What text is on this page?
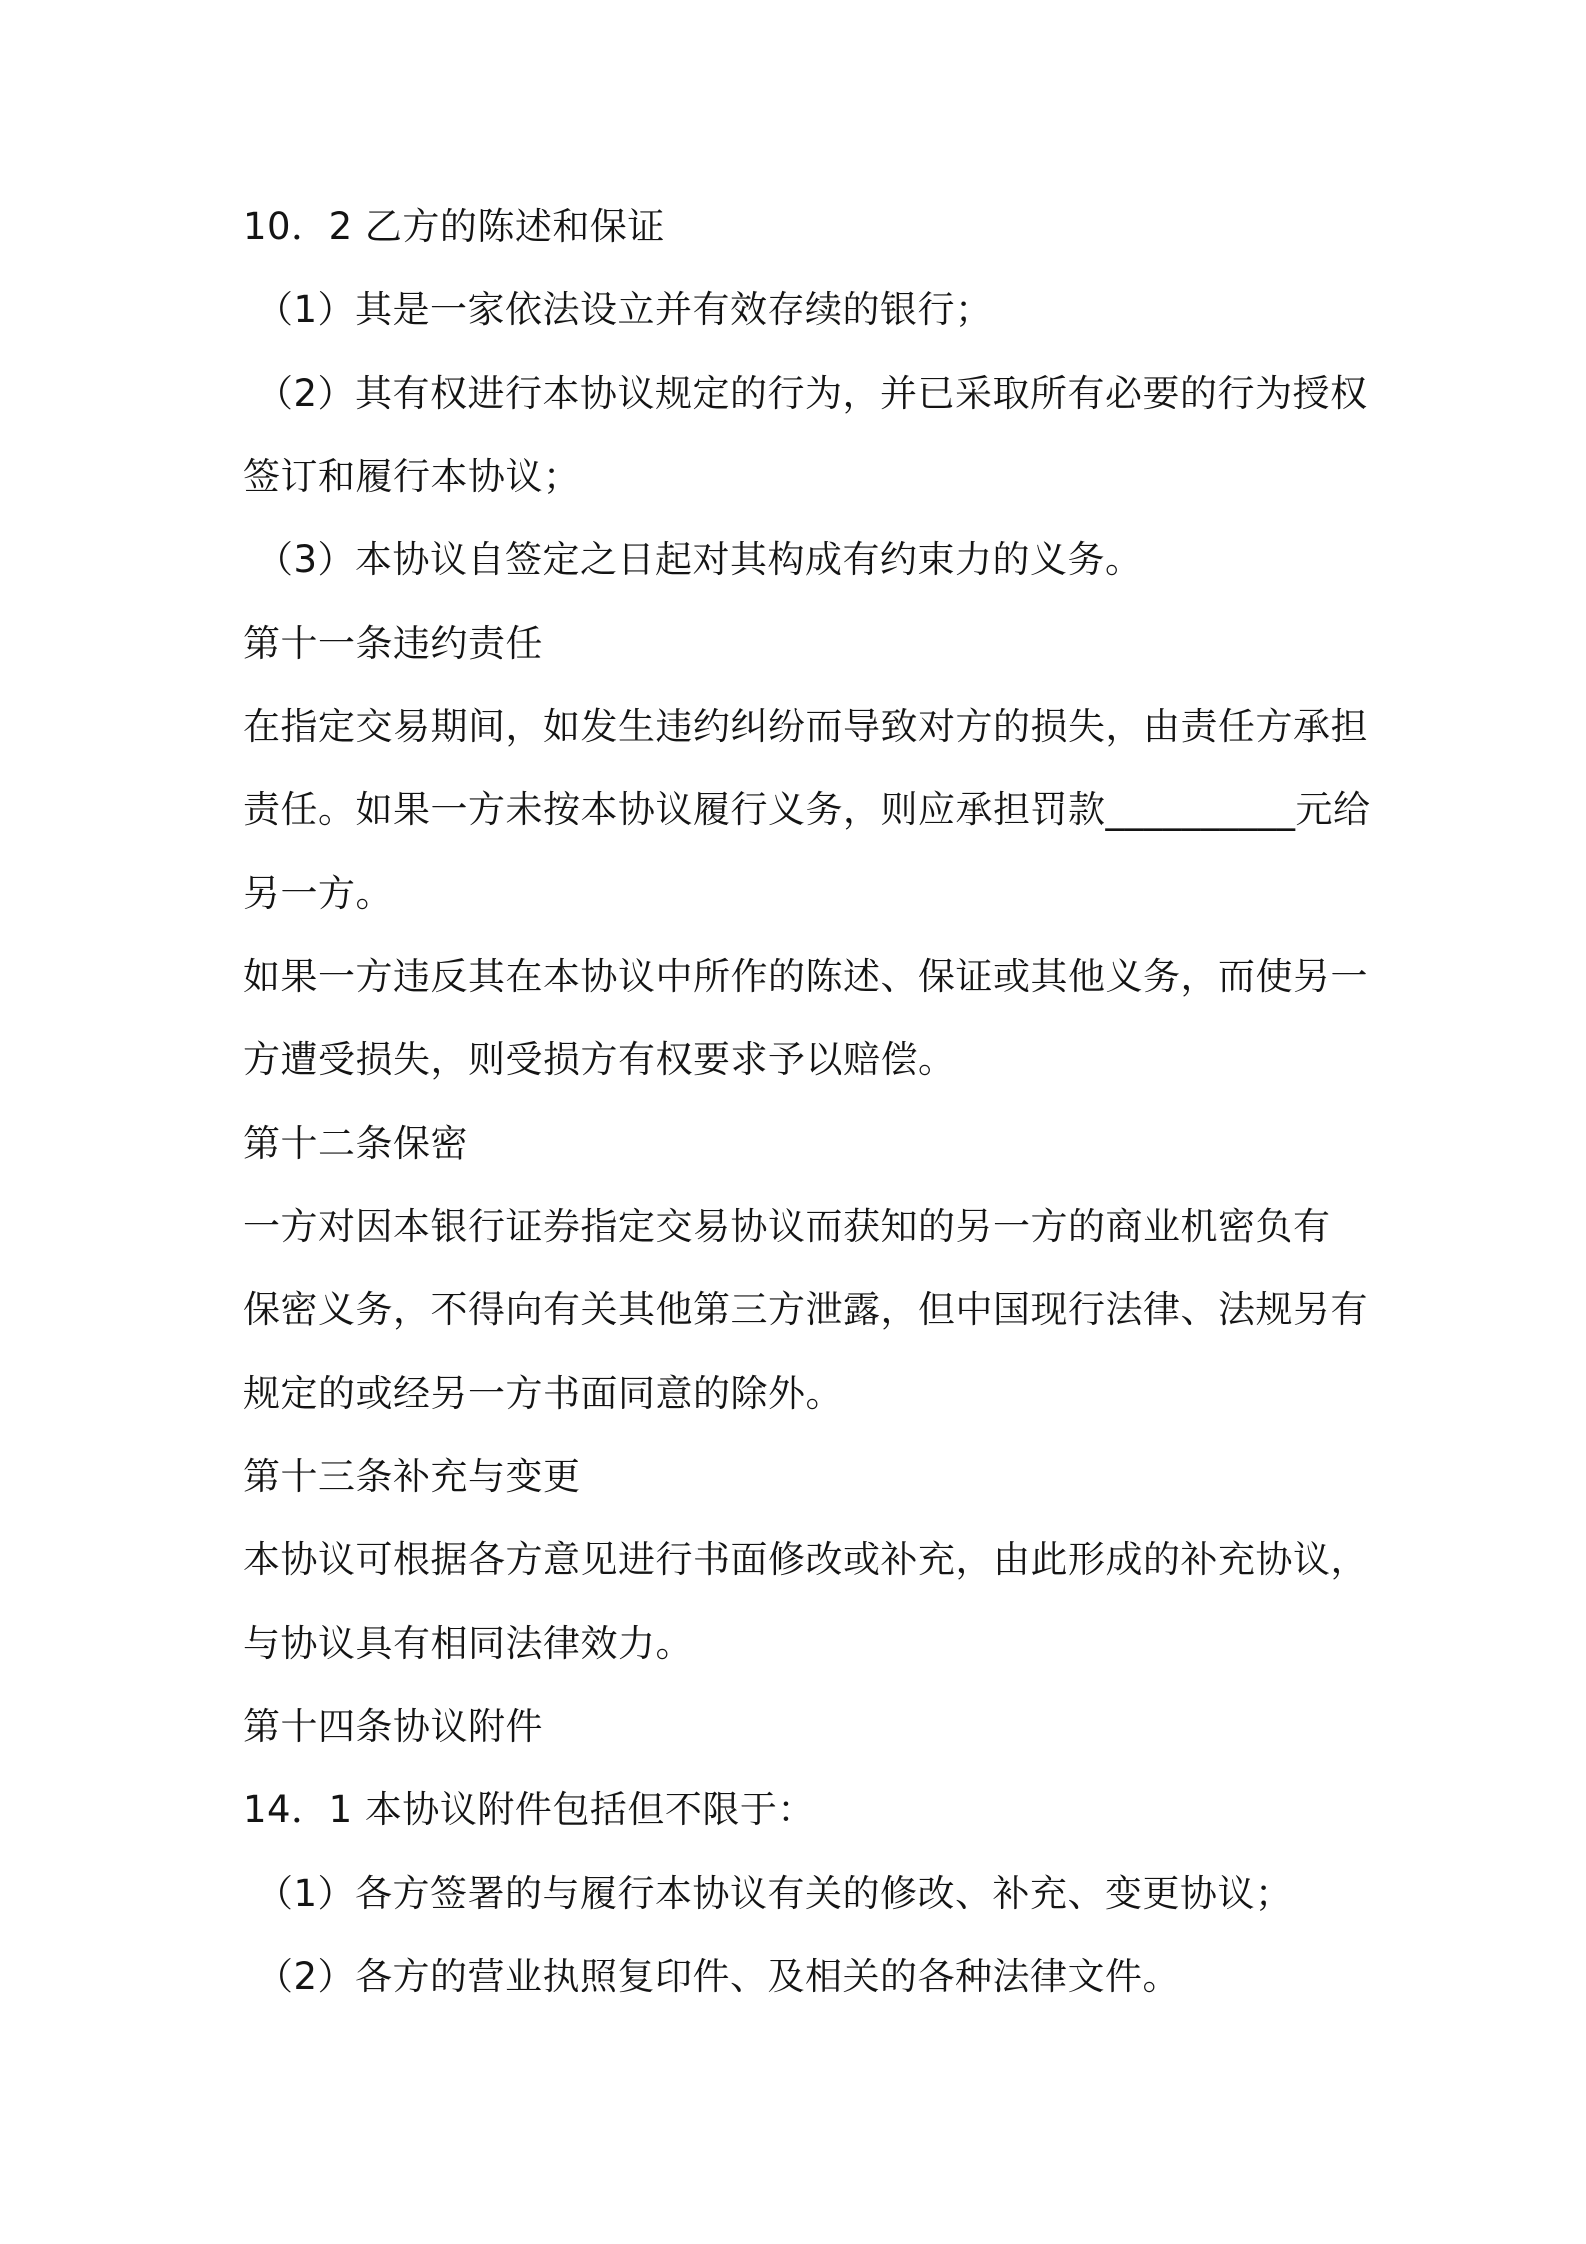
10．2 乙方的陈述和保证
（1）其是一家依法设立并有效存续的银行；
（2）其有权进行本协议规定的行为，并已采取所有必要的行为授权
签订和履行本协议；
（3）本协议自签定之日起对其构成有约束力的义务。
第十一条违约责任
在指定交易期间，如发生违约纠纷而导致对方的损失，由责任方承担
责任。如果一方未按本协议履行义务，则应承担罚款__________元给
另一方。
如果一方违反其在本协议中所作的陈述、保证或其他义务，而使另一
方遭受损失，则受损方有权要求予以赔偿。
第十二条保密
一方对因本银行证券指定交易协议而获知的另一方的商业机密负有
保密义务，不得向有关其他第三方泄露，但中国现行法律、法规另有
规定的或经另一方书面同意的除外。
第十三条补充与变更
本协议可根据各方意见进行书面修改或补充，由此形成的补充协议，
与协议具有相同法律效力。
第十四条协议附件
14．1 本协议附件包括但不限于：
（1）各方签署的与履行本协议有关的修改、补充、变更协议；
（2）各方的营业执照复印件、及相关的各种法律文件。
